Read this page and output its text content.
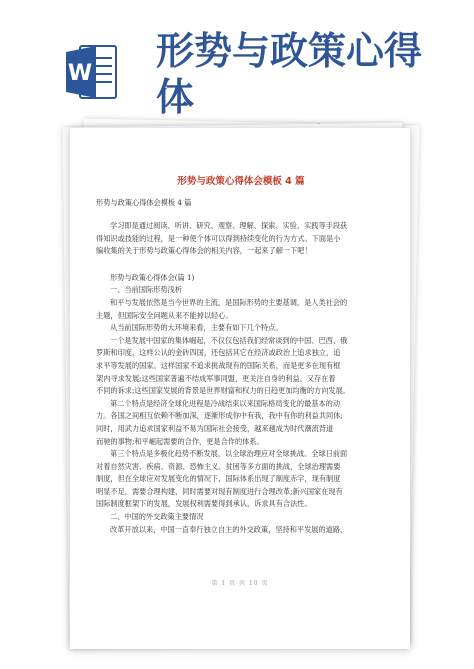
W
形势与政策心得体
形势与政策心得体会模板 4 篇
形势与政策心得体会模板 4 篇

学习即是通过阅读、听讲、研究、观察、理解、探索、实验、实践等手段获

得知识或技能的过程，是一种使个体可以得到持续变化的行为方式。下面是小

编收集的关于形势与政策心得体会的相关内容，一起来了解一下吧！

形势与政策心得体会(篇 1)

一、当前国际形势浅析

和平与发展依然是当今世界的主流，是国际形势的主要基调，是人类社会的

主题，但国际安全问题从来不能掉以轻心。

从当前国际形势的大环境来看，主要有如下几个特点。

一个是发展中国家的集体崛起，不仅仅包括我们经常谈到的中国、巴西、俄

罗斯和印度，这样公认的金砖四国，还包括其它在经济或政治上追求独立，追

求平等发展的国家。这样国家不追求挑战现有的国际关系，而是更多在现有框

架内寻求发展;这些国家普遍不结成军事同盟，更关注自身的利益。又存在着

不同的诉求;这些国家发展的背景是世界财富和权力的日趋更加均衡的方向发展。

第二个特点是经济全球化进程是冷战结束以来国际格局变化的最基本的动

力。各国之间相互依赖不断加深，逐渐形成你中有我，我中有你的利益共同体;

同时，用武力追求国家利益不易为国际社会接受，越来越成为时代潮流背道

而驰的事物;和平崛起需要的合作，更是合作的体系。

第三个特点是多极化趋势不断发展，以全球治理应对全球挑战。全球日前面

对着自然灾害、疾病、资源、恐怖主义、贫困等多方面的挑战，全球治理需要

制度，但在全球应对发展变化的情况下，国际体系出现了制度赤字，现有制度

明显不足，需要合理构建，同时需要对现有制度进行合理改革;新兴国家在现有

国际制度框架下的发展，发展权利需要得到承认，诉求具有合法性。

二、中国的外交政策主要情况

改革开放以来，中国一直奉行独立自主的外交政策，坚持和平发展的道路，

第 1 页 共 10 页
